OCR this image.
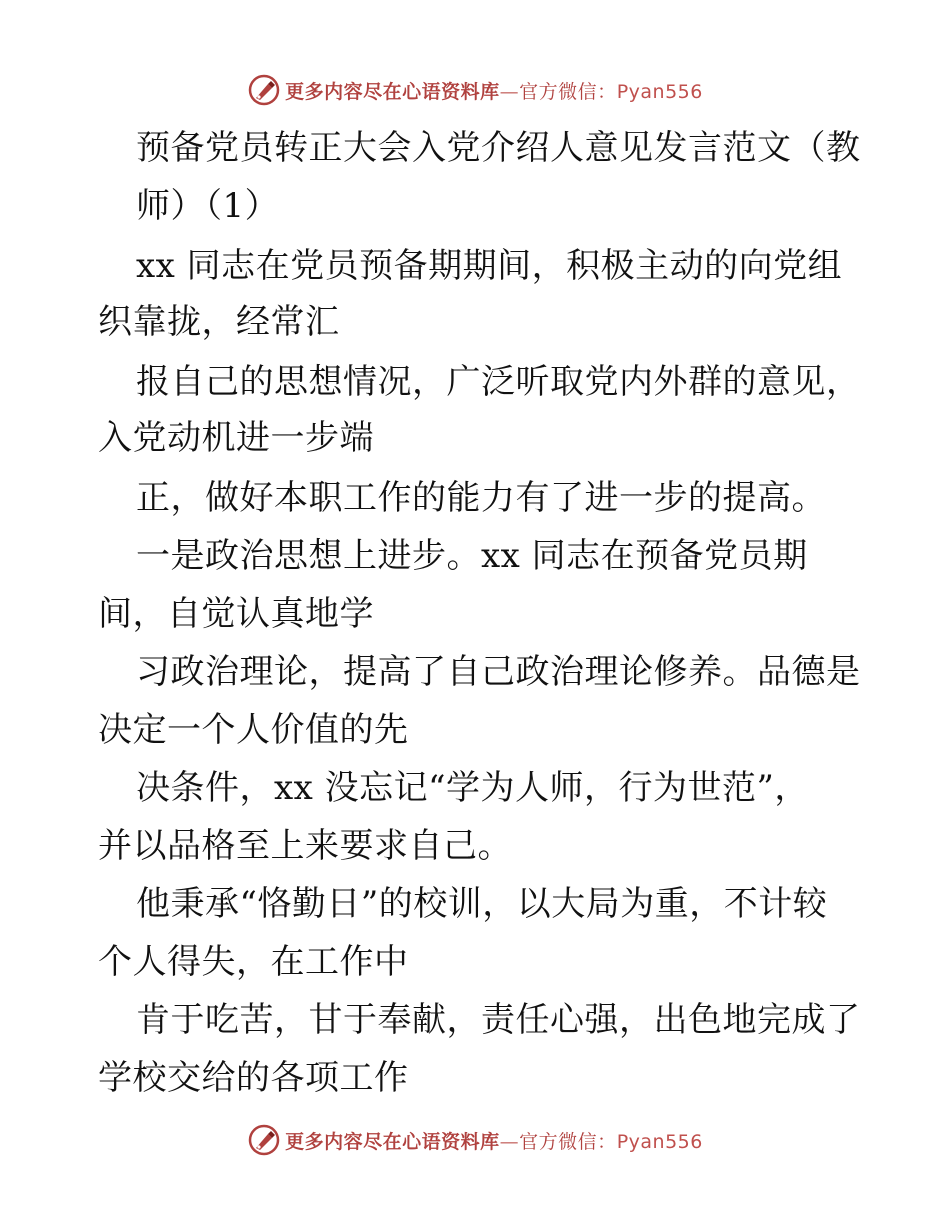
更多内容尽在心语资料库—官方微信：Pyan556
预备党员转正大会入党介绍人意见发言范文（教
师）（1）
xx 同志在党员预备期期间，积极主动的向党组
织靠拢，经常汇
报自己的思想情况，广泛听取党内外群的意见，
入党动机进一步端
正，做好本职工作的能力有了进一步的提高。
一是政治思想上进步。xx 同志在预备党员期
间，自觉认真地学
习政治理论，提高了自己政治理论修养。品德是
决定一个人价值的先
决条件，xx 没忘记“学为人师，行为世范”，
并以品格至上来要求自己。
他秉承“恪勤日”的校训，以大局为重，不计较
个人得失，在工作中
肯于吃苦，甘于奉献，责任心强，出色地完成了
学校交给的各项工作
更多内容尽在心语资料库—官方微信：Pyan556
